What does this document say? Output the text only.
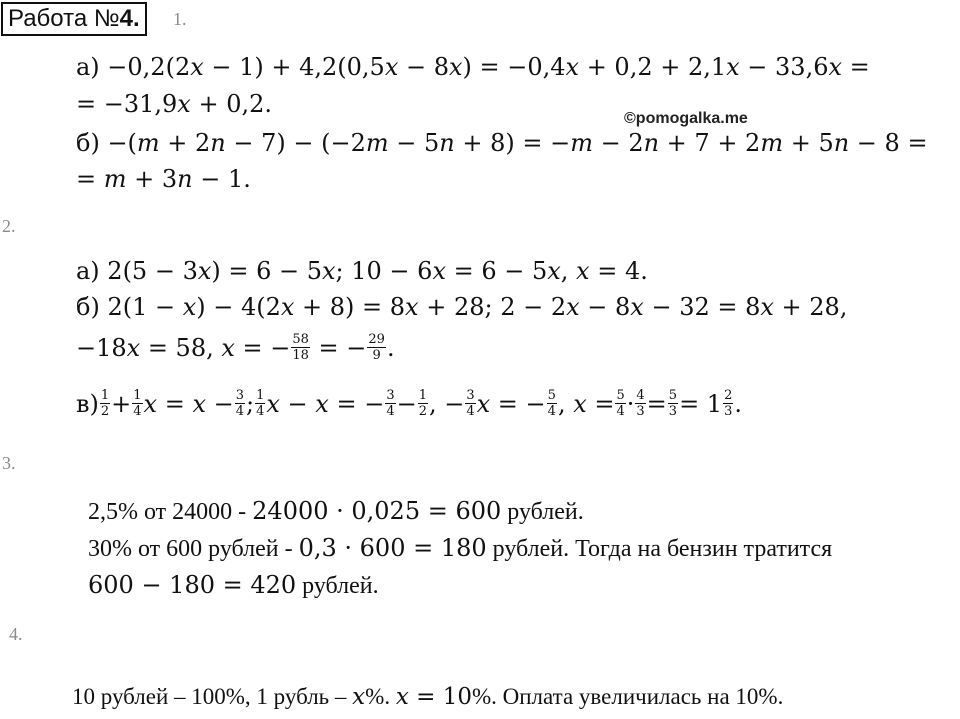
Работа №4.	1.
а) −0,2(2𝑥 − 1) + 4,2(0,5𝑥 − 8𝑥) = −0,4𝑥 + 0,2 + 2,1𝑥 − 33,6𝑥 =
= −31,9𝑥 + 0,2.
©pomogalka.me
б) −(𝑚 + 2𝑛 − 7) − (−2𝑚 − 5𝑛 + 8) = −𝑚 − 2𝑛 + 7 + 2𝑚 + 5𝑛 − 8 =
= 𝑚 + 3𝑛 − 1.
2.
а) 2(5 − 3𝑥) = 6 − 5𝑥; 10 − 6𝑥 = 6 − 5𝑥, 𝑥 = 4.
б) 2(1 − 𝑥) − 4(2𝑥 + 8) = 8𝑥 + 28; 2 − 2𝑥 − 8𝑥 − 32 = 8𝑥 + 28,
−18𝑥 = 58, 𝑥 = − $\frac{58}{18}$ = − $\frac{29}{9}$ .
$в) \frac{1}{2} + \frac{1}{4}$ 𝑥 = 𝑥 − $\frac{3}{4}$ ; $\frac{1}{4}$ 𝑥 − 𝑥 = − $\frac{3}{4} - \frac{1}{2}$ , − $\frac{3}{4}$ 𝑥 = − $\frac{5}{4}$ , 𝑥 = $\frac{5}{4} \cdot \frac{4}{3} = \frac{5}{3} = 1 \frac{2}{3}$ .
3.
2,5% от 24000 - 24000 · 0,025 = 600 рублей.
30% от 600 рублей - 0,3 · 600 = 180 рублей. Тогда на бензин тратится
600 − 180 = 420 рублей.
4.
10 рублей – 100%, 1 рубль – 𝑥%. 𝑥 = 10%. Оплата увеличилась на 10%.
